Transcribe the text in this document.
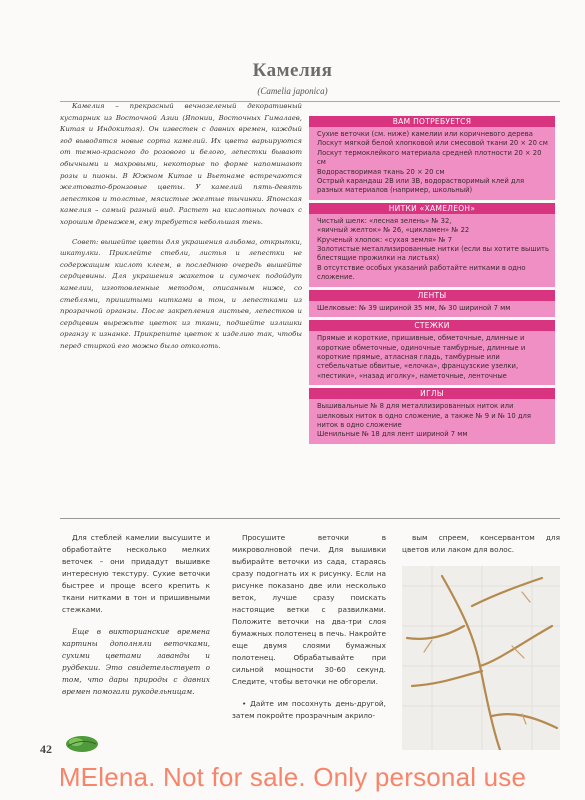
Камелия
(Camelia japonica)

Камелия – прекрасный вечнозеленый декоративный кустарник из Восточной Азии (Японии, Восточных Гималаев, Китая и Индокитая). Он известен с давних времен, каждый год выводятся новые сорта камелий. Их цвета варьируются от темно-красного до розового и белого, лепестки бывают обычными и махровыми, некоторые по форме напоминают розы и пионы. В Южном Китае и Вьетнаме встречаются желтовато-бронзовые цветы. У камелий пять-девять лепестков и толстые, мясистые желтые тычинки. Японская камелия – самый разный вид. Растет на кислотных почвах с хорошим дренажем, ему требуется небольшая тень.

Совет: вышейте цветы для украшения альбома, открытки, шкатулки. Приклейте стебли, листья и лепестки не содержащим кислот клеем, в последнюю очередь вышейте сердцевины. Для украшения жакетов и сумочек подойдут камелии, изготовленные методом, описанным ниже, со стеблями, пришитыми нитками в тон, и лепестками из прозрачной органзы. После закрепления листьев, лепестков и сердцевин вырежьте цветок из ткани, подшейте излишки органзу к изнанке. Прикрепите цветок к изделию так, чтобы перед стиркой его можно было отколоть.

ВАМ ПОТРЕБУЕТСЯ
Сухие веточки (см. ниже) камелии или коричневого дерева
Лоскут мягкой белой хлопковой или смесовой ткани 20 × 20 см
Лоскут термоклейкого материала средней плотности 20 × 20 см
Водорастворимая ткань 20 × 20 см
Острый карандаш 2В или 3В, водорастворимый клей для разных материалов (например, школьный)
НИТКИ «ХАМЕЛЕОН»
Чистый шелк: «лесная зелень» № 32,
«яичный желток» № 26, «цикламен» № 22
Крученый хлопок: «сухая земля» № 7
Золотистые металлизированные нитки (если вы хотите вышить блестящие прожилки на листьях)
В отсутствие особых указаний работайте нитками в одно сложение.
ЛЕНТЫ
Шелковые: № 39 шириной 35 мм, № 30 шириной 7 мм
СТЕЖКИ
Прямые и короткие, пришивные, обметочные, длинные и короткие обметочные, одиночные тамбурные, длинные и короткие прямые, атласная гладь, тамбурные или стебельчатые обвитые, «елочка», французские узелки, «пестики», «назад иголку», наметочные, ленточные
ИГЛЫ
Вышивальные № 8 для металлизированных ниток или шелковых ниток в одно сложение, а также № 9 и № 10 для ниток в одно сложение
Шенильные № 18 для лент шириной 7 мм

Для стеблей камелии высушите и обработайте несколько мелких веточек – они придадут вышивке интересную текстуру. Сухие веточки быстрее и проще всего крепить к ткани нитками в тон и пришивными стежками.

Еще в викторианские времена картины дополняли веточками, сухими цветами лаванды и рудбекии. Это свидетельствует о том, что дары природы с давних времен помогали рукодельницам.

Просушите веточки в микроволновой печи. Для вышивки выбирайте веточки из сада, стараясь сразу подогнать их к рисунку. Если на рисунке показано две или несколько веток, лучше сразу поискать настоящие ветки с развилками. Положите веточки на два-три слоя бумажных полотенец в печь. Накройте еще двумя слоями бумажных полотенец. Обрабатывайте при сильной мощности 30-60 секунд. Следите, чтобы веточки не обгорели.

• Дайте им посохнуть день-другой, затем покройте прозрачным акрило-

вым спреем, консервантом для цветов или лаком для волос.

42
MElena. Not for sale. Only personal use
